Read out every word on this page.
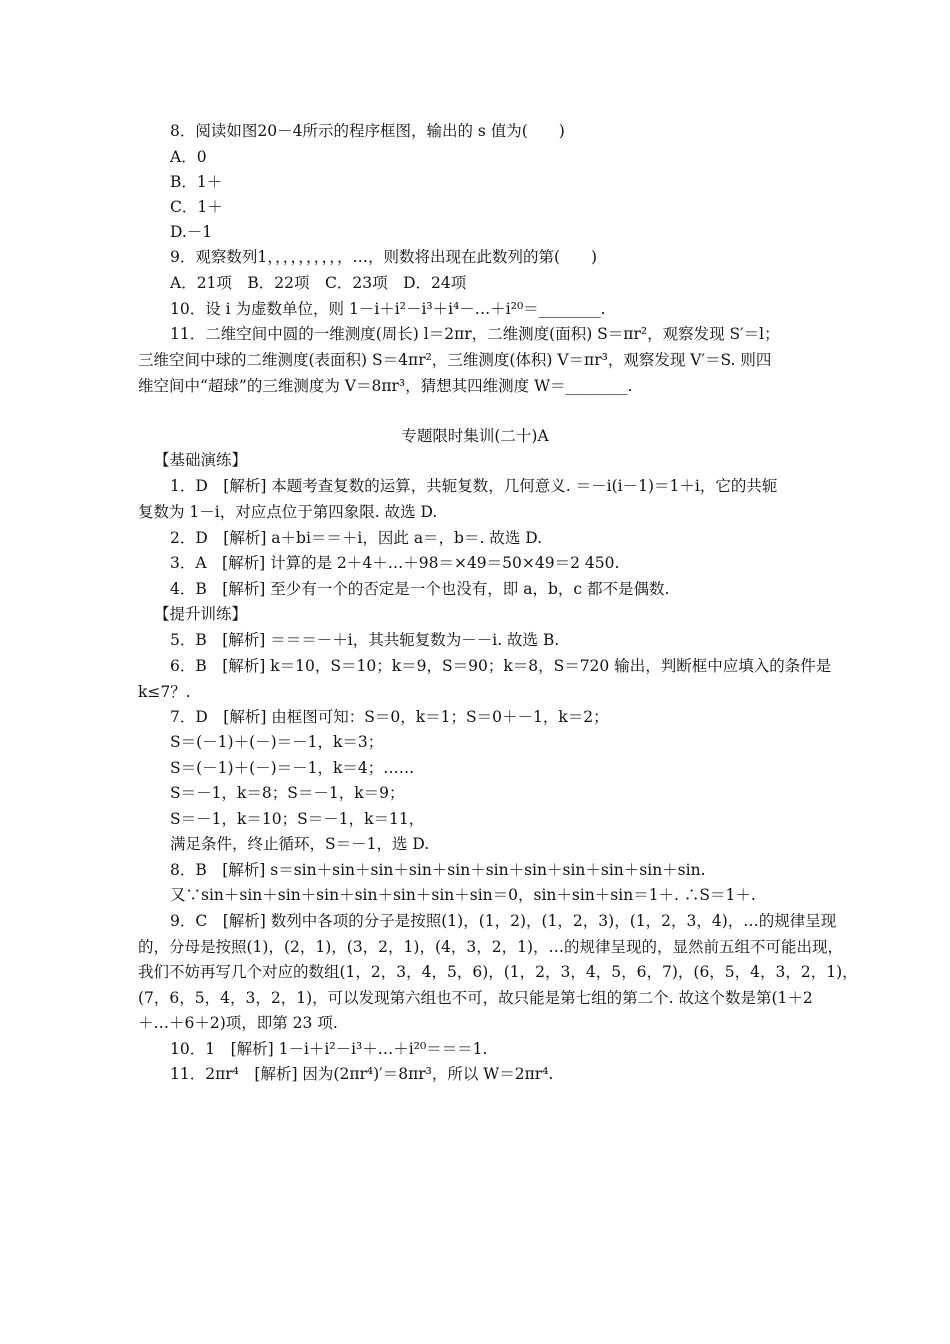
8．阅读如图20－4所示的程序框图，输出的 s 值为(　　)
A．0
B．1＋
C．1＋
D.－1
9．观察数列1，，，，，，，，，，…，则数将出现在此数列的第(　　)
A．21项　B．22项　C．23项　D．24项
10．设 i 为虚数单位，则 1－i＋i²－i³＋i⁴－…＋i²⁰＝________.
11．二维空间中圆的一维测度(周长) l＝2πr，二维测度(面积) S＝πr²，观察发现 S′＝l；
三维空间中球的二维测度(表面积) S＝4πr²，三维测度(体积) V＝πr³，观察发现 V′＝S. 则四
维空间中“超球”的三维测度为 V＝8πr³，猜想其四维测度 W＝________.
专题限时集训(二十)A
【基础演练】
1．D　[解析] 本题考查复数的运算，共轭复数，几何意义. ＝－i(i－1)＝1＋i，它的共轭
复数为 1－i，对应点位于第四象限. 故选 D.
2．D　[解析] a＋bi＝＝＋i，因此 a＝，b＝. 故选 D.
3．A　[解析] 计算的是 2＋4＋…＋98＝×49＝50×49＝2 450.
4．B　[解析] 至少有一个的否定是一个也没有，即 a，b，c 都不是偶数.
【提升训练】
5．B　[解析] ＝＝＝－＋i，其共轭复数为－－i. 故选 B.
6．B　[解析] k＝10，S＝10；k＝9，S＝90；k＝8，S＝720 输出，判断框中应填入的条件是
k≤7？.
7．D　[解析] 由框图可知：S＝0，k＝1；S＝0＋－1，k＝2；
S＝(－1)＋(－)＝－1，k＝3；
S＝(－1)＋(－)＝－1，k＝4；……
S＝－1，k＝8；S＝－1，k＝9；
S＝－1，k＝10；S＝－1，k＝11，
满足条件，终止循环，S＝－1，选 D.
8．B　[解析] s＝sin＋sin＋sin＋sin＋sin＋sin＋sin＋sin＋sin＋sin＋sin.
又∵sin＋sin＋sin＋sin＋sin＋sin＋sin＋sin＝0，sin＋sin＋sin＝1＋. ∴S＝1＋.
9．C　[解析] 数列中各项的分子是按照(1)，(1，2)，(1，2，3)，(1，2，3，4)，…的规律呈现
的，分母是按照(1)，(2，1)，(3，2，1)，(4，3，2，1)，…的规律呈现的，显然前五组不可能出现，
我们不妨再写几个对应的数组(1，2，3，4，5，6)，(1，2，3，4，5，6，7)，(6，5，4，3，2，1)，
(7，6，5，4，3，2，1)，可以发现第六组也不可，故只能是第七组的第二个. 故这个数是第(1＋2
＋…＋6＋2)项，即第 23 项.
10．1　[解析] 1－i＋i²－i³＋…＋i²⁰＝＝＝1.
11．2πr⁴　[解析] 因为(2πr⁴)′＝8πr³，所以 W＝2πr⁴.
